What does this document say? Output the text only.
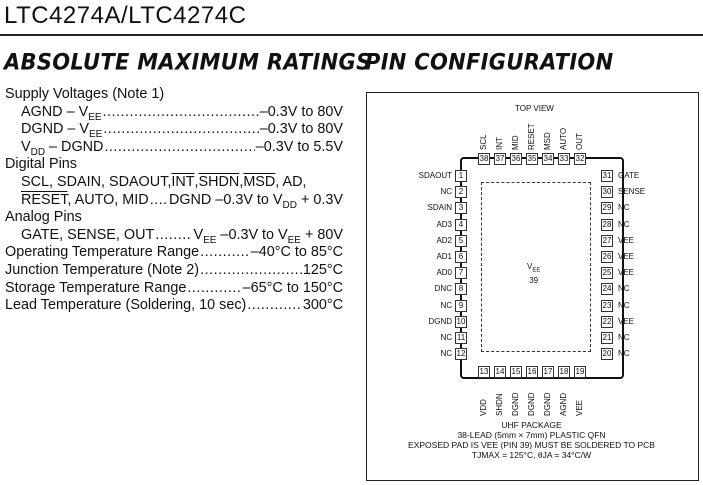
LTC4274A/LTC4274C
ABSOLUTE MAXIMUM RATINGS
PIN CONFIGURATION
Supply Voltages (Note 1)
AGND – $V_{EE}$ .....	–0.3V to 80V
DGND – $V_{EE}$ .....	–0.3V to 80V
$V_{DD}$ – DGND .....	–0.3V to 5.5V
Digital Pins
SCL, SDAIN, SDAOUT, $\overline{INT}$ , SHDN , $\overline{MSD}$ , AD,
RESET, AUTO, MID ..... DGND –0.3V to $V_{DD} + 0.3V$
Analog Pins
GATE, SENSE, OUT .....	$V_{EE}$ –0.3V to $V_{EE} + 80V$
Operating Temperature Range .....	–40°C to 85°C
Junction Temperature (Note 2) .....	125°C
Storage Temperature Range .....	–65°C to 150°C
Lead Temperature (Soldering, 10 sec) .....	300°C
TOP VIEW
$V_{EE}$
39
1
SDAOUT
2
NC
3
SDAIN
4
AD3
5
AD2
6
AD1
7
AD0
8
DNC
9
NC
10
DGND
11
NC
12
NC
31 GATE
30 SENSE
29 NC
28 NC
27 VEE
26 VEE
25 VEE
24 NC
23 NC
22 VEE
21 NC
20 NC
38
SCL
37
INT
36
MID
35
RESET
34
MSD
33
AUTO
32
OUT
13
VDD
14
SHDN
15
DGND
16
DGND
17
DGND
18
AGND
19
VEE
UHF PACKAGE
38-LEAD (5mm × 7mm) PLASTIC QFN
EXPOSED PAD IS VEE (PIN 39) MUST BE SOLDERED TO PCB
TJMAX = 125°C, θJA = 34°C/W
